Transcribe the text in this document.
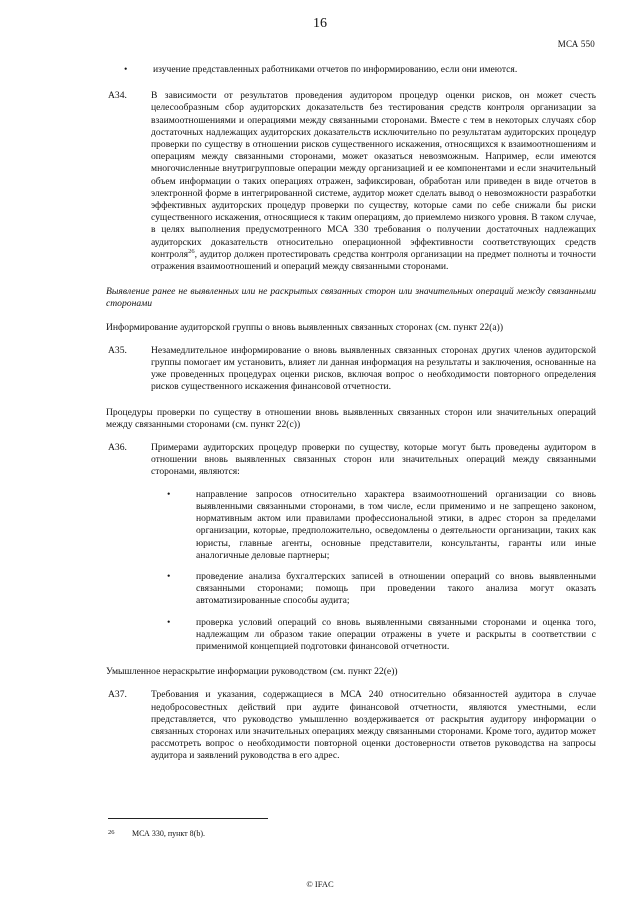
16
МСА 550
•	изучение представленных работниками отчетов по информированию, если они имеются.
A34.	В зависимости от результатов проведения аудитором процедур оценки рисков, он может счесть целесообразным сбор аудиторских доказательств без тестирования средств контроля организации за взаимоотношениями и операциями между связанными сторонами. Вместе с тем в некоторых случаях сбор достаточных надлежащих аудиторских доказательств исключительно по результатам аудиторских процедур проверки по существу в отношении рисков существенного искажения, относящихся к взаимоотношениям и операциям между связанными сторонами, может оказаться невозможным. Например, если имеются многочисленные внутригрупповые операции между организацией и ее компонентами и если значительный объем информации о таких операциях отражен, зафиксирован, обработан или приведен в виде отчетов в электронной форме в интегрированной системе, аудитор может сделать вывод о невозможности разработки эффективных аудиторских процедур проверки по существу, которые сами по себе снижали бы риски существенного искажения, относящиеся к таким операциям, до приемлемо низкого уровня. В таком случае, в целях выполнения предусмотренного МСА 330 требования о получении достаточных надлежащих аудиторских доказательств относительно операционной эффективности соответствующих средств контроля$^{26}$, аудитор должен протестировать средства контроля организации на предмет полноты и точности отражения взаимоотношений и операций между связанными сторонами.
Выявление ранее не выявленных или не раскрытых связанных сторон или значительных операций между связанными сторонами
Информирование аудиторской группы о вновь выявленных связанных сторонах (см. пункт 22(а))
A35.	Незамедлительное информирование о вновь выявленных связанных сторонах других членов аудиторской группы помогает им установить, влияет ли данная информация на результаты и заключения, основанные на уже проведенных процедурах оценки рисков, включая вопрос о необходимости повторного определения рисков существенного искажения финансовой отчетности.
Процедуры проверки по существу в отношении вновь выявленных связанных сторон или значительных операций между связанными сторонами (см. пункт 22(с))
A36.	Примерами аудиторских процедур проверки по существу, которые могут быть проведены аудитором в отношении вновь выявленных связанных сторон или значительных операций между связанными сторонами, являются:
•	направление запросов относительно характера взаимоотношений организации со вновь выявленными связанными сторонами, в том числе, если применимо и не запрещено законом, нормативным актом или правилами профессиональной этики, в адрес сторон за пределами организации, которые, предположительно, осведомлены о деятельности организации, таких как юристы, главные агенты, основные представители, консультанты, гаранты или иные аналогичные деловые партнеры;
•	проведение анализа бухгалтерских записей в отношении операций со вновь выявленными связанными сторонами; помощь при проведении такого анализа могут оказать автоматизированные способы аудита;
•	проверка условий операций со вновь выявленными связанными сторонами и оценка того, надлежащим ли образом такие операции отражены в учете и раскрыты в соответствии с применимой концепцией подготовки финансовой отчетности.
Умышленное нераскрытие информации руководством (см. пункт 22(е))
A37.	Требования и указания, содержащиеся в МСА 240 относительно обязанностей аудитора в случае недобросовестных действий при аудите финансовой отчетности, являются уместными, если представляется, что руководство умышленно воздерживается от раскрытия аудитору информации о связанных сторонах или значительных операциях между связанными сторонами. Кроме того, аудитор может рассмотреть вопрос о необходимости повторной оценки достоверности ответов руководства на запросы аудитора и заявлений руководства в его адрес.
26 МСА 330, пункт 8(b).
© IFAC
